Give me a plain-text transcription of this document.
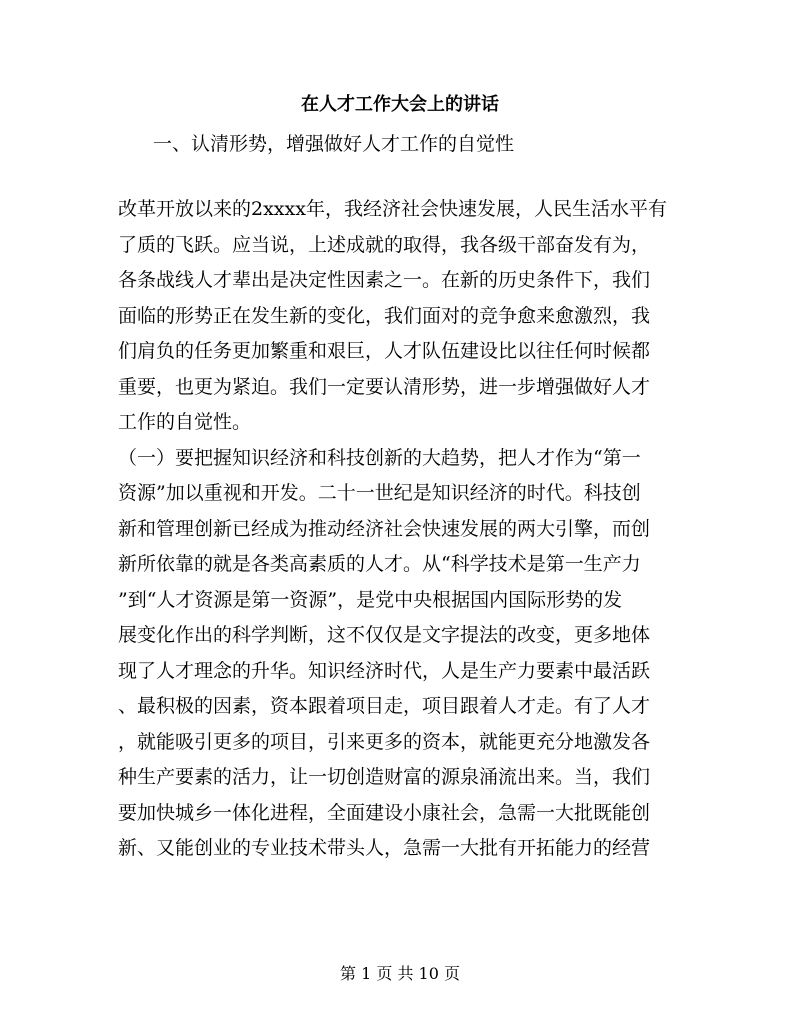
在人才工作大会上的讲话
一、认清形势，增强做好人才工作的自觉性
改革开放以来的2xxxx年，我经济社会快速发展，人民生活水平有
了质的飞跃。应当说，上述成就的取得，我各级干部奋发有为，
各条战线人才辈出是决定性因素之一。在新的历史条件下，我们
面临的形势正在发生新的变化，我们面对的竞争愈来愈激烈，我
们肩负的任务更加繁重和艰巨，人才队伍建设比以往任何时候都
重要，也更为紧迫。我们一定要认清形势，进一步增强做好人才
工作的自觉性。
（一）要把握知识经济和科技创新的大趋势，把人才作为“第一
资源”加以重视和开发。二十一世纪是知识经济的时代。科技创
新和管理创新已经成为推动经济社会快速发展的两大引擎，而创
新所依靠的就是各类高素质的人才。从“科学技术是第一生产力
”到“人才资源是第一资源”，是党中央根据国内国际形势的发
展变化作出的科学判断，这不仅仅是文字提法的改变，更多地体
现了人才理念的升华。知识经济时代，人是生产力要素中最活跃
、最积极的因素，资本跟着项目走，项目跟着人才走。有了人才
，就能吸引更多的项目，引来更多的资本，就能更充分地激发各
种生产要素的活力，让一切创造财富的源泉涌流出来。当，我们
要加快城乡一体化进程，全面建设小康社会，急需一大批既能创
新、又能创业的专业技术带头人，急需一大批有开拓能力的经营
第 1 页 共 10 页
